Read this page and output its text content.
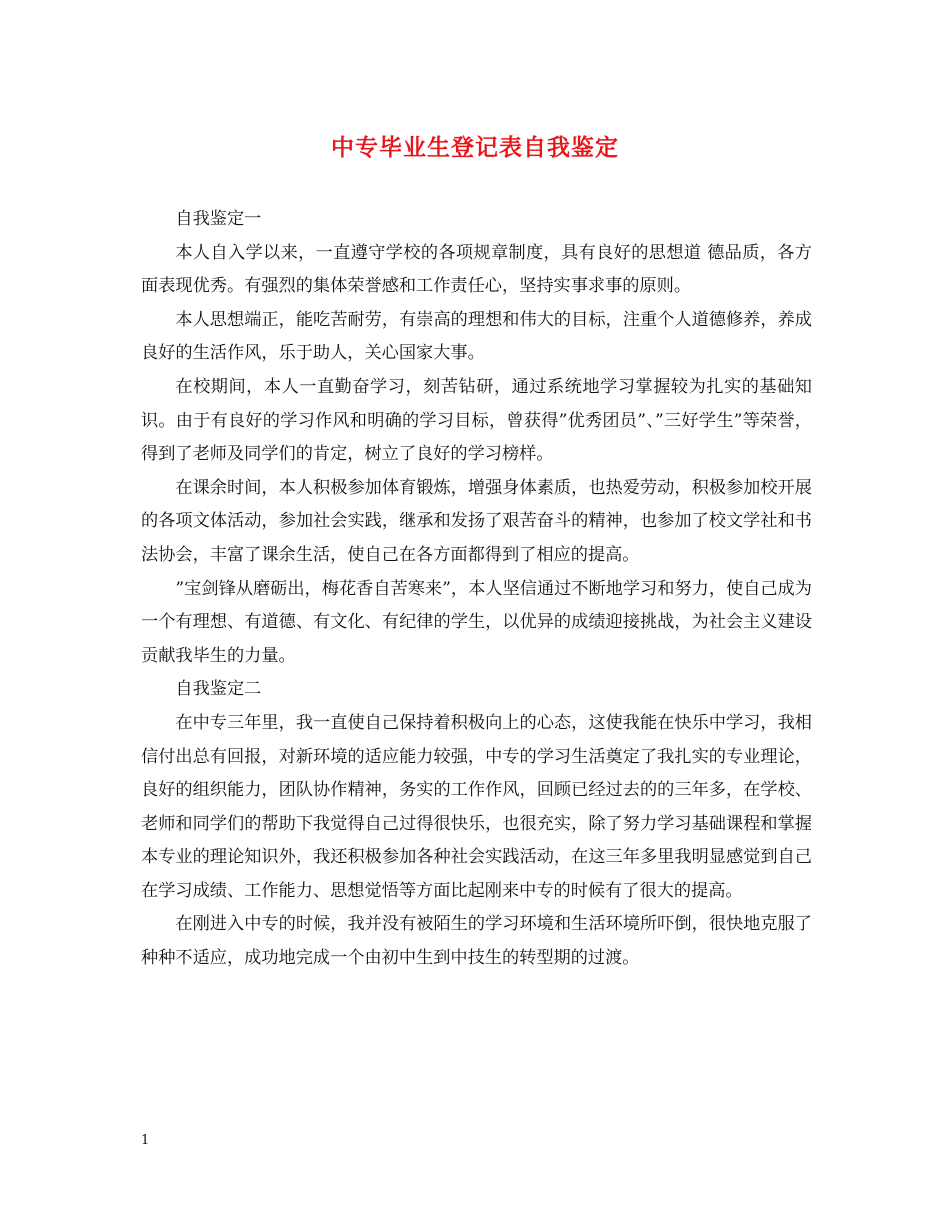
中专毕业生登记表自我鉴定

自我鉴定一

本人自入学以来，一直遵守学校的各项规章制度，具有良好的思想道 德品质，各方面表现优秀。有强烈的集体荣誉感和工作责任心，坚持实事求事的原则。

本人思想端正，能吃苦耐劳，有崇高的理想和伟大的目标，注重个人道德修养，养成良好的生活作风，乐于助人，关心国家大事。

在校期间，本人一直勤奋学习，刻苦钻研，通过系统地学习掌握较为扎实的基础知识。由于有良好的学习作风和明确的学习目标，曾获得”优秀团员”、”三好学生”等荣誉，得到了老师及同学们的肯定，树立了良好的学习榜样。

在课余时间，本人积极参加体育锻炼，增强身体素质，也热爱劳动，积极参加校开展的各项文体活动，参加社会实践，继承和发扬了艰苦奋斗的精神，也参加了校文学社和书法协会，丰富了课余生活，使自己在各方面都得到了相应的提高。

”宝剑锋从磨砺出，梅花香自苦寒来”，本人坚信通过不断地学习和努力，使自己成为一个有理想、有道德、有文化、有纪律的学生，以优异的成绩迎接挑战，为社会主义建设贡献我毕生的力量。

自我鉴定二

在中专三年里，我一直使自己保持着积极向上的心态，这使我能在快乐中学习，我相信付出总有回报，对新环境的适应能力较强，中专的学习生活奠定了我扎实的专业理论，良好的组织能力，团队协作精神，务实的工作作风，回顾已经过去的的三年多，在学校、老师和同学们的帮助下我觉得自己过得很快乐，也很充实，除了努力学习基础课程和掌握本专业的理论知识外，我还积极参加各种社会实践活动，在这三年多里我明显感觉到自己在学习成绩、工作能力、思想觉悟等方面比起刚来中专的时候有了很大的提高。

在刚进入中专的时候，我并没有被陌生的学习环境和生活环境所吓倒，很快地克服了种种不适应，成功地完成一个由初中生到中技生的转型期的过渡。

1
